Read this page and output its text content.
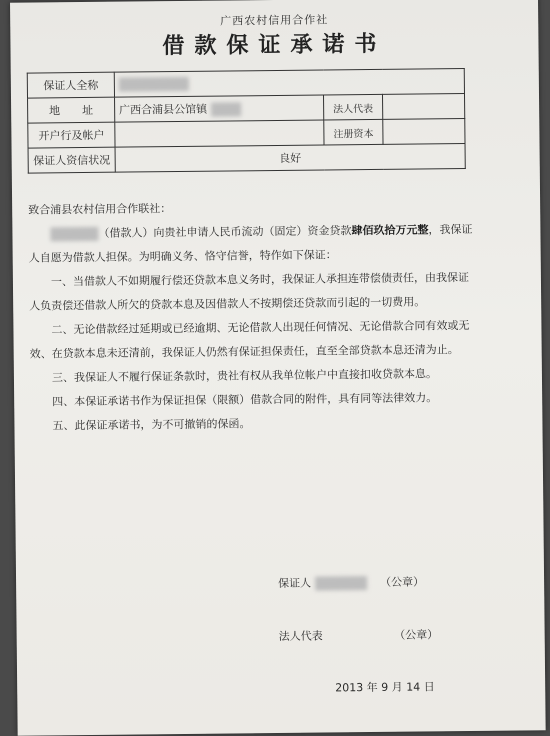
广西农村信用合作社
借款保证承诺书
保证人全称			
地　　址	广西合浦县公馆镇	法人代表	
开户行及帐户		注册资本	
保证人资信状况	良好		

致合浦县农村信用合作联社：

（借款人）向贵社申请人民币流动（固定）资金贷款肆佰玖拾万元整，我保证人自愿为借款人担保。为明确义务、恪守信誉，特作如下保证：

一、当借款人不如期履行偿还贷款本息义务时，我保证人承担连带偿债责任，由我保证人负责偿还借款人所欠的贷款本息及因借款人不按期偿还贷款而引起的一切费用。

二、无论借款经过延期或已经逾期、无论借款人出现任何情况、无论借款合同有效或无效、在贷款本息未还清前，我保证人仍然有保证担保责任，直至全部贷款本息还清为止。

三、我保证人不履行保证条款时，贵社有权从我单位帐户中直接扣收贷款本息。

四、本保证承诺书作为保证担保（限额）借款合同的附件，具有同等法律效力。

五、此保证承诺书，为不可撤销的保函。

保证人	（公章）
法人代表	（公章）
2013 年 9 月 14 日
